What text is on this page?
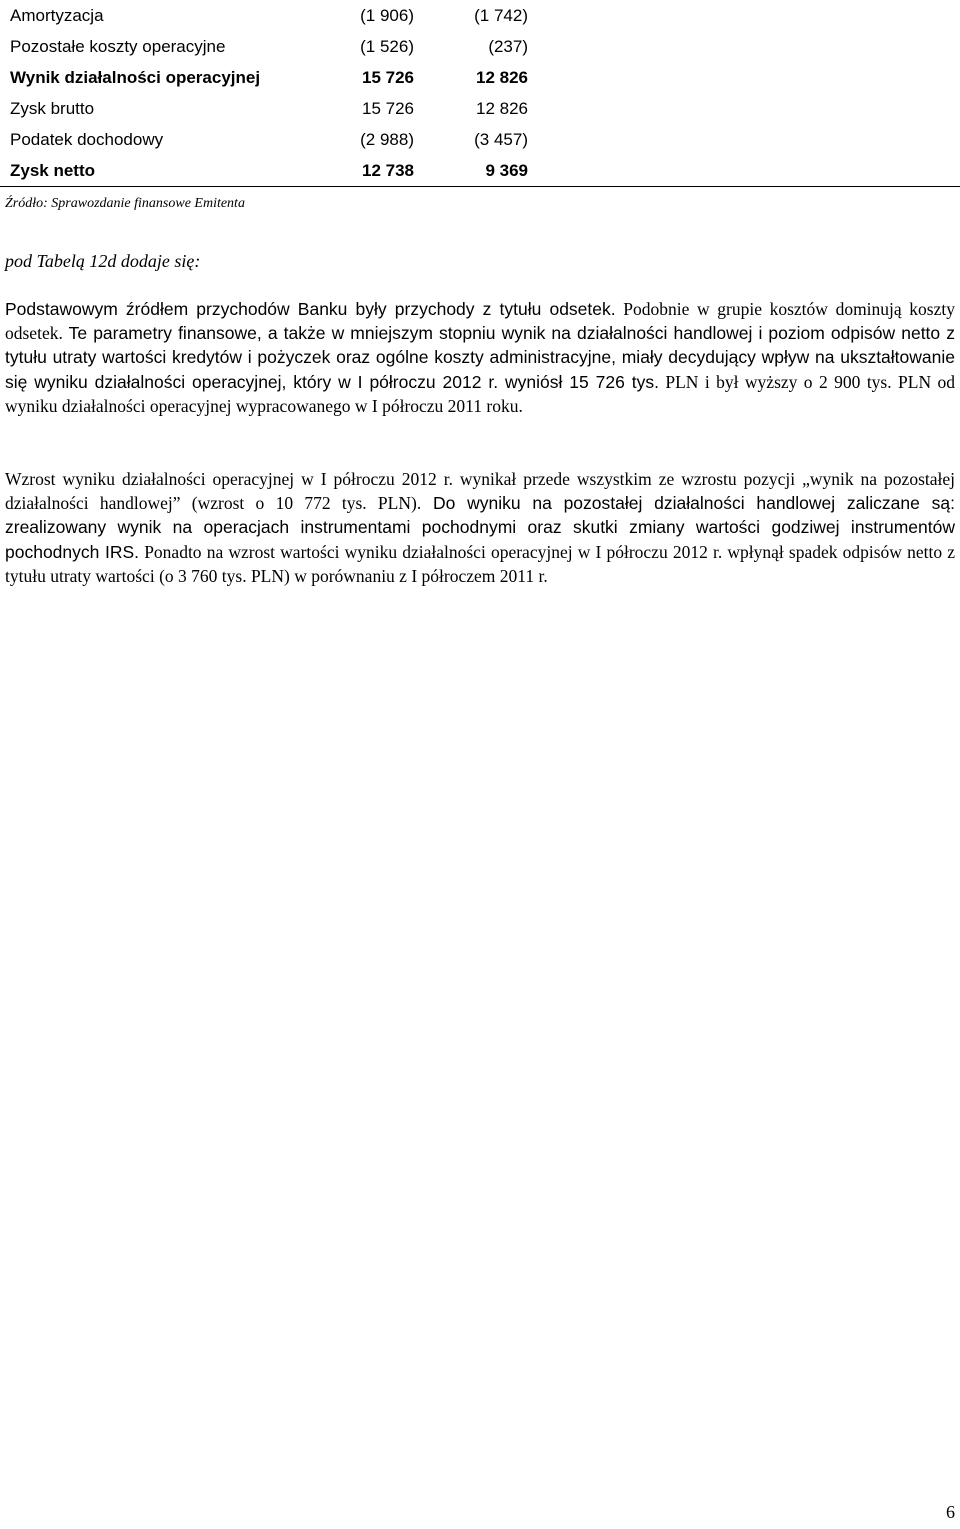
Amortyzacja	(1 906)	(1 742)	
Pozostałe koszty operacyjne	(1 526)	(237)	
Wynik działalności operacyjnej	15 726	12 826	
Zysk brutto	15 726	12 826	
Podatek dochodowy	(2 988)	(3 457)	
Zysk netto	12 738	9 369	
Źródło: Sprawozdanie finansowe Emitenta
pod Tabelą 12d dodaje się:

Podstawowym źródłem przychodów Banku były przychody z tytułu odsetek. Podobnie w grupie kosztów dominują koszty odsetek. Te parametry finansowe, a także w mniejszym stopniu wynik na działalności handlowej i poziom odpisów netto z tytułu utraty wartości kredytów i pożyczek oraz ogólne koszty administracyjne, miały decydujący wpływ na ukształtowanie się wyniku działalności operacyjnej, który w I półroczu 2012 r. wyniósł 15 726 tys. PLN i był wyższy o 2 900 tys. PLN od wyniku działalności operacyjnej wypracowanego w I półroczu 2011 roku.

Wzrost wyniku działalności operacyjnej w I półroczu 2012 r. wynikał przede wszystkim ze wzrostu pozycji „wynik na pozostałej działalności handlowej” (wzrost o 10 772 tys. PLN). Do wyniku na pozostałej działalności handlowej zaliczane są: zrealizowany wynik na operacjach instrumentami pochodnymi oraz skutki zmiany wartości godziwej instrumentów pochodnych IRS. Ponadto na wzrost wartości wyniku działalności operacyjnej w I półroczu 2012 r. wpłynął spadek odpisów netto z tytułu utraty wartości (o 3 760 tys. PLN) w porównaniu z I półroczem 2011 r.

6
